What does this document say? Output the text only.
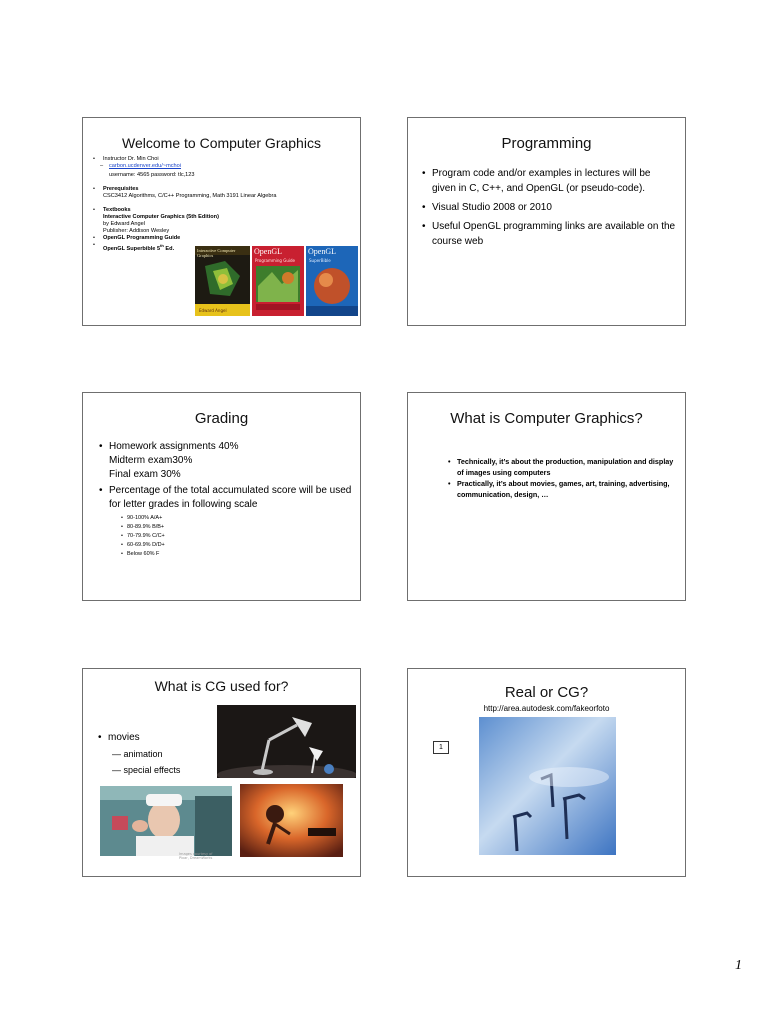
Welcome to Computer Graphics
• Instructor Dr. Min Choi
– carbon.ucdenver.edu/~mchoi
username: 4565 password: tlc,123
• Prerequisites
CSC3412 Algorithms, C/C++ Programming, Math 3191 Linear Algebra
• Textbooks
Interactive Computer Graphics (5th Edition)
by Edward Angel
Publisher: Addison Wesley
• OpenGL Programming Guide
• OpenGL Superbible 5th Ed.	Interactive Computer Graphics
Edward Angel
OpenGL
Programming Guide
OpenGL
SuperBible
Programming
• Program code and/or examples in lectures will be given in C, C++, and OpenGL (or pseudo-code).
• Visual Studio 2008 or 2010
• Useful OpenGL programming links are available on the course web
Grading
• Homework assignments 40%
Midterm exam30%
Final exam 30%
• Percentage of the total accumulated score will be used for letter grades in following scale
• 90-100% A/A+
• 80-89.9% B/B+
• 70-79.9% C/C+
• 60-69.9% D/D+
• Below 60% F
What is Computer Graphics?
• Technically, it’s about the production, manipulation and display of images using computers
• Practically, it’s about movies, games, art, training, advertising, communication, design, …
What is CG used for?
• movies
— animation
— special effects
Images courtesy of
Pixar, DreamWorks
Real or CG?
http://area.autodesk.com/fakeorfoto
1
1
